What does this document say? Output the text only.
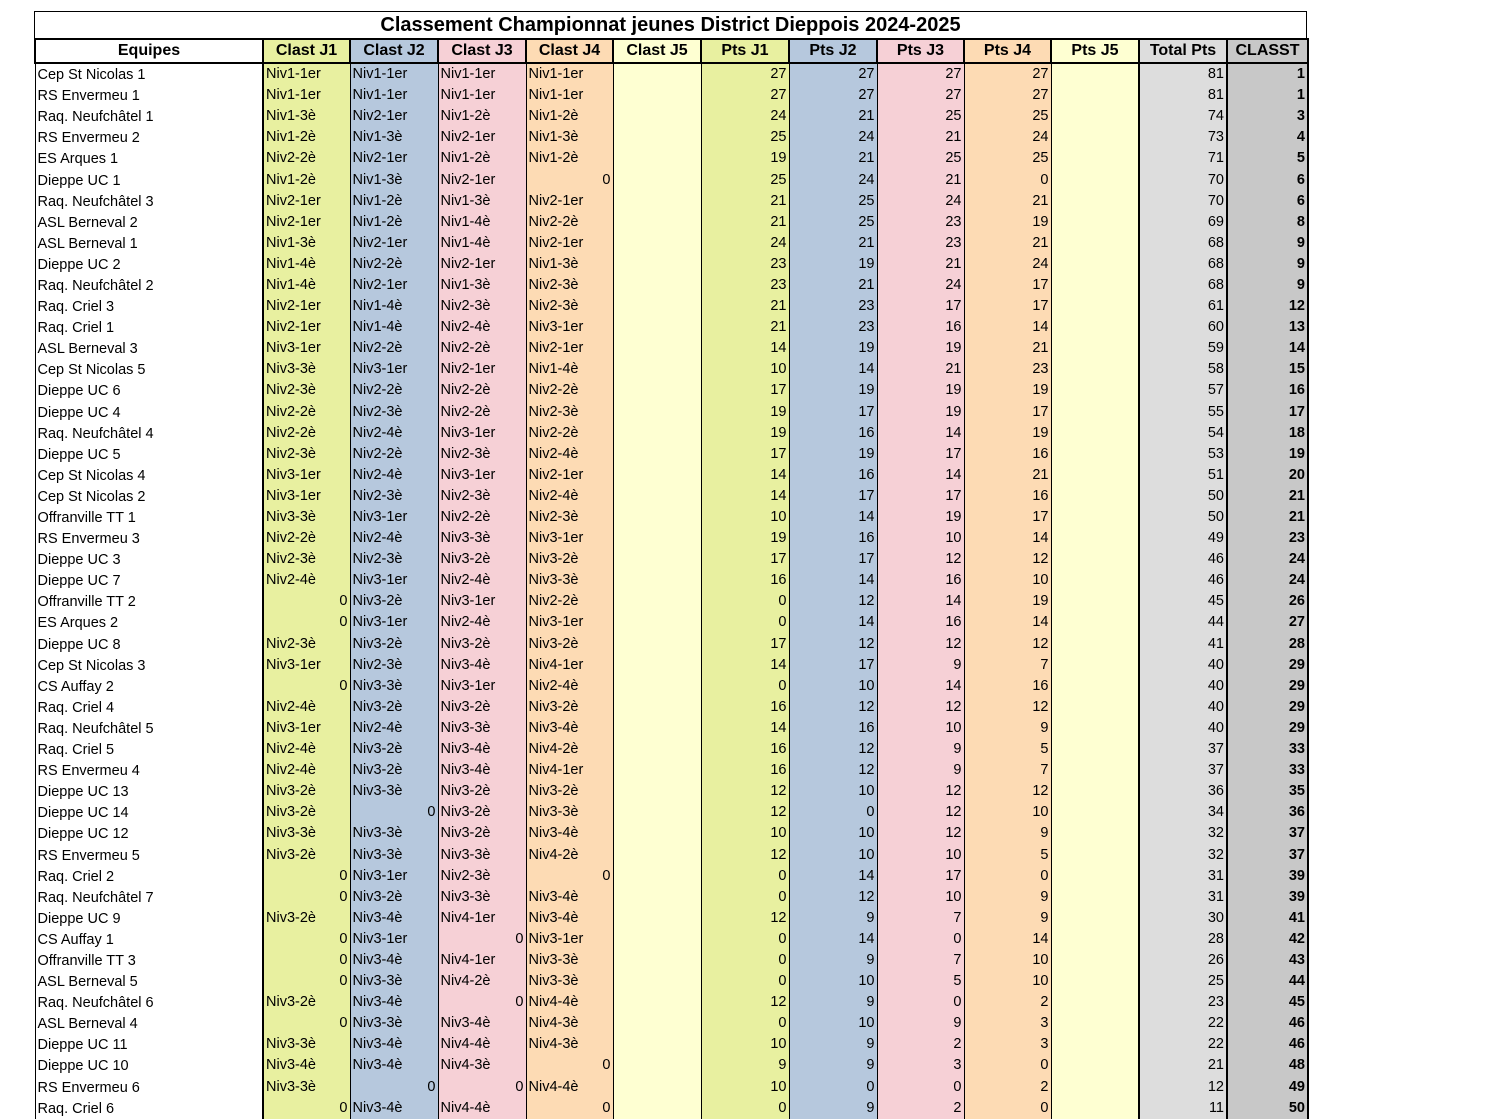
Classement Championnat jeunes District Dieppois 2024-2025
Equipes	Clast J1	Clast J2	Clast J3	Clast J4	Clast J5	Pts J1	Pts J2	Pts J3	Pts J4	Pts J5	Total Pts	CLASST
Cep St Nicolas 1	Niv1-1er	Niv1-1er	Niv1-1er	Niv1-1er		27	27	27	27		81	1
RS Envermeu 1	Niv1-1er	Niv1-1er	Niv1-1er	Niv1-1er		27	27	27	27		81	1
Raq. Neufchâtel 1	Niv1-3è	Niv2-1er	Niv1-2è	Niv1-2è		24	21	25	25		74	3
RS Envermeu 2	Niv1-2è	Niv1-3è	Niv2-1er	Niv1-3è		25	24	21	24		73	4
ES Arques 1	Niv2-2è	Niv2-1er	Niv1-2è	Niv1-2è		19	21	25	25		71	5
Dieppe UC 1	Niv1-2è	Niv1-3è	Niv2-1er	0		25	24	21	0		70	6
Raq. Neufchâtel 3	Niv2-1er	Niv1-2è	Niv1-3è	Niv2-1er		21	25	24	21		70	6
ASL Berneval 2	Niv2-1er	Niv1-2è	Niv1-4è	Niv2-2è		21	25	23	19		69	8
ASL Berneval 1	Niv1-3è	Niv2-1er	Niv1-4è	Niv2-1er		24	21	23	21		68	9
Dieppe UC 2	Niv1-4è	Niv2-2è	Niv2-1er	Niv1-3è		23	19	21	24		68	9
Raq. Neufchâtel 2	Niv1-4è	Niv2-1er	Niv1-3è	Niv2-3è		23	21	24	17		68	9
Raq. Criel 3	Niv2-1er	Niv1-4è	Niv2-3è	Niv2-3è		21	23	17	17		61	12
Raq. Criel 1	Niv2-1er	Niv1-4è	Niv2-4è	Niv3-1er		21	23	16	14		60	13
ASL Berneval 3	Niv3-1er	Niv2-2è	Niv2-2è	Niv2-1er		14	19	19	21		59	14
Cep St Nicolas 5	Niv3-3è	Niv3-1er	Niv2-1er	Niv1-4è		10	14	21	23		58	15
Dieppe UC 6	Niv2-3è	Niv2-2è	Niv2-2è	Niv2-2è		17	19	19	19		57	16
Dieppe UC 4	Niv2-2è	Niv2-3è	Niv2-2è	Niv2-3è		19	17	19	17		55	17
Raq. Neufchâtel 4	Niv2-2è	Niv2-4è	Niv3-1er	Niv2-2è		19	16	14	19		54	18
Dieppe UC 5	Niv2-3è	Niv2-2è	Niv2-3è	Niv2-4è		17	19	17	16		53	19
Cep St Nicolas 4	Niv3-1er	Niv2-4è	Niv3-1er	Niv2-1er		14	16	14	21		51	20
Cep St Nicolas 2	Niv3-1er	Niv2-3è	Niv2-3è	Niv2-4è		14	17	17	16		50	21
Offranville TT 1	Niv3-3è	Niv3-1er	Niv2-2è	Niv2-3è		10	14	19	17		50	21
RS Envermeu 3	Niv2-2è	Niv2-4è	Niv3-3è	Niv3-1er		19	16	10	14		49	23
Dieppe UC 3	Niv2-3è	Niv2-3è	Niv3-2è	Niv3-2è		17	17	12	12		46	24
Dieppe UC 7	Niv2-4è	Niv3-1er	Niv2-4è	Niv3-3è		16	14	16	10		46	24
Offranville TT 2	0	Niv3-2è	Niv3-1er	Niv2-2è		0	12	14	19		45	26
ES Arques 2	0	Niv3-1er	Niv2-4è	Niv3-1er		0	14	16	14		44	27
Dieppe UC 8	Niv2-3è	Niv3-2è	Niv3-2è	Niv3-2è		17	12	12	12		41	28
Cep St Nicolas 3	Niv3-1er	Niv2-3è	Niv3-4è	Niv4-1er		14	17	9	7		40	29
CS Auffay 2	0	Niv3-3è	Niv3-1er	Niv2-4è		0	10	14	16		40	29
Raq. Criel 4	Niv2-4è	Niv3-2è	Niv3-2è	Niv3-2è		16	12	12	12		40	29
Raq. Neufchâtel 5	Niv3-1er	Niv2-4è	Niv3-3è	Niv3-4è		14	16	10	9		40	29
Raq. Criel 5	Niv2-4è	Niv3-2è	Niv3-4è	Niv4-2è		16	12	9	5		37	33
RS Envermeu 4	Niv2-4è	Niv3-2è	Niv3-4è	Niv4-1er		16	12	9	7		37	33
Dieppe UC 13	Niv3-2è	Niv3-3è	Niv3-2è	Niv3-2è		12	10	12	12		36	35
Dieppe UC 14	Niv3-2è	0	Niv3-2è	Niv3-3è		12	0	12	10		34	36
Dieppe UC 12	Niv3-3è	Niv3-3è	Niv3-2è	Niv3-4è		10	10	12	9		32	37
RS Envermeu 5	Niv3-2è	Niv3-3è	Niv3-3è	Niv4-2è		12	10	10	5		32	37
Raq. Criel 2	0	Niv3-1er	Niv2-3è	0		0	14	17	0		31	39
Raq. Neufchâtel 7	0	Niv3-2è	Niv3-3è	Niv3-4è		0	12	10	9		31	39
Dieppe UC 9	Niv3-2è	Niv3-4è	Niv4-1er	Niv3-4è		12	9	7	9		30	41
CS Auffay 1	0	Niv3-1er	0	Niv3-1er		0	14	0	14		28	42
Offranville TT 3	0	Niv3-4è	Niv4-1er	Niv3-3è		0	9	7	10		26	43
ASL Berneval 5	0	Niv3-3è	Niv4-2è	Niv3-3è		0	10	5	10		25	44
Raq. Neufchâtel 6	Niv3-2è	Niv3-4è	0	Niv4-4è		12	9	0	2		23	45
ASL Berneval 4	0	Niv3-3è	Niv3-4è	Niv4-3è		0	10	9	3		22	46
Dieppe UC 11	Niv3-3è	Niv3-4è	Niv4-4è	Niv4-3è		10	9	2	3		22	46
Dieppe UC 10	Niv3-4è	Niv3-4è	Niv4-3è	0		9	9	3	0		21	48
RS Envermeu 6	Niv3-3è	0	0	Niv4-4è		10	0	0	2		12	49
Raq. Criel 6	0	Niv3-4è	Niv4-4è	0		0	9	2	0		11	50
